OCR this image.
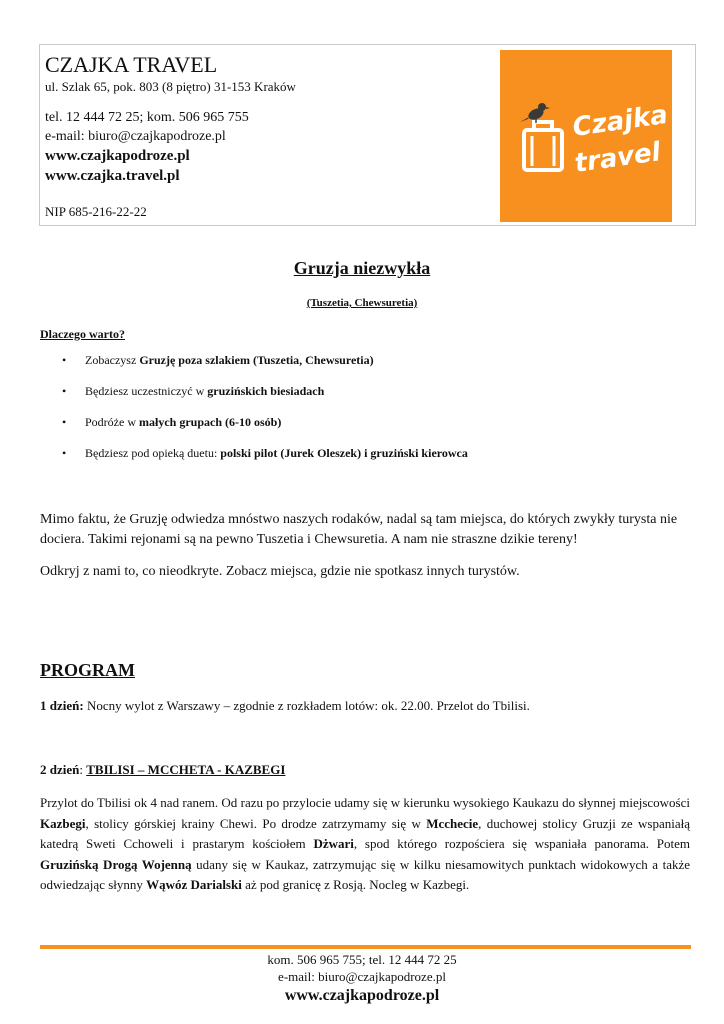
CZAJKA TRAVEL
ul. Szlak 65, pok. 803 (8 piętro) 31-153 Kraków
tel. 12 444 72 25; kom. 506 965 755
e-mail: biuro@czajkapodroze.pl
www.czajkapodroze.pl
www.czajka.travel.pl
NIP 685-216-22-22
Czajka
travel
Gruzja niezwykła
(Tuszetia, Chewsuretia)
Dlaczego warto?
• Zobaczysz Gruzję poza szlakiem (Tuszetia, Chewsuretia)
• Będziesz uczestniczyć w gruzińskich biesiadach
• Podróże w małych grupach (6-10 osób)
• Będziesz pod opieką duetu: polski pilot (Jurek Oleszek) i gruziński kierowca

Mimo faktu, że Gruzję odwiedza mnóstwo naszych rodaków, nadal są tam miejsca, do których zwykły turysta nie dociera. Takimi rejonami są na pewno Tuszetia i Chewsuretia. A nam nie straszne dzikie tereny!

Odkryj z nami to, co nieodkryte. Zobacz miejsca, gdzie nie spotkasz innych turystów.

PROGRAM
1 dzień: Nocny wylot z Warszawy – zgodnie z rozkładem lotów: ok. 22.00. Przelot do Tbilisi.
2 dzień: TBILISI – MCCHETA - KAZBEGI

Przylot do Tbilisi ok 4 nad ranem. Od razu po przylocie udamy się w kierunku wysokiego Kaukazu do słynnej miejscowości Kazbegi, stolicy górskiej krainy Chewi. Po drodze zatrzymamy się w Mcchecie, duchowej stolicy Gruzji ze wspaniałą katedrą Sweti Cchoweli i prastarym kościołem Dżwari, spod którego rozpościera się wspaniała panorama. Potem Gruzińską Drogą Wojenną udany się w Kaukaz, zatrzymując się w kilku niesamowitych punktach widokowych a także odwiedzając słynny Wąwóz Darialski aż pod granicę z Rosją. Nocleg w Kazbegi.

kom. 506 965 755; tel. 12 444 72 25
e-mail: biuro@czajkapodroze.pl
www.czajkapodroze.pl
